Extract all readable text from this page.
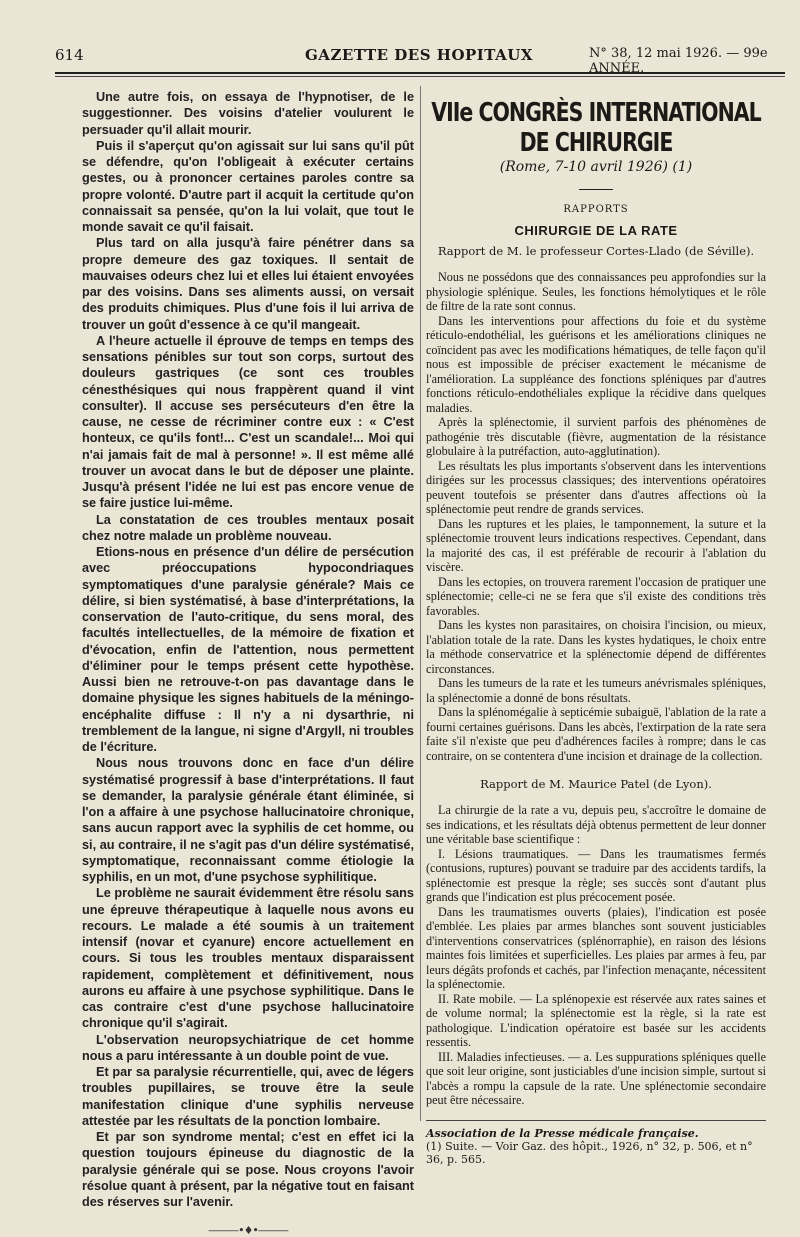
614	GAZETTE DES HOPITAUX	N° 38, 12 mai 1926. — 99e ANNÉE.

Une autre fois, on essaya de l'hypnotiser, de le suggestionner. Des voisins d'atelier voulurent le persuader qu'il allait mourir.

Puis il s'aperçut qu'on agissait sur lui sans qu'il pût se défendre, qu'on l'obligeait à exécuter certains gestes, ou à prononcer certaines paroles contre sa propre volonté. D'autre part il acquit la certitude qu'on connaissait sa pensée, qu'on la lui volait, que tout le monde savait ce qu'il faisait.

Plus tard on alla jusqu'à faire pénétrer dans sa propre demeure des gaz toxiques. Il sentait de mauvaises odeurs chez lui et elles lui étaient envoyées par des voisins. Dans ses aliments aussi, on versait des produits chimiques. Plus d'une fois il lui arriva de trouver un goût d'essence à ce qu'il mangeait.

A l'heure actuelle il éprouve de temps en temps des sensations pénibles sur tout son corps, surtout des douleurs gastriques (ce sont ces troubles cénesthésiques qui nous frappèrent quand il vint consulter). Il accuse ses persécuteurs d'en être la cause, ne cesse de récriminer contre eux : « C'est honteux, ce qu'ils font!... C'est un scandale!... Moi qui n'ai jamais fait de mal à personne! ». Il est même allé trouver un avocat dans le but de déposer une plainte. Jusqu'à présent l'idée ne lui est pas encore venue de se faire justice lui-même.

La constatation de ces troubles mentaux posait chez notre malade un problème nouveau.

Etions-nous en présence d'un délire de persécution avec préoccupations hypocondriaques symptomatiques d'une paralysie générale? Mais ce délire, si bien systématisé, à base d'interprétations, la conservation de l'auto-critique, du sens moral, des facultés intellectuelles, de la mémoire de fixation et d'évocation, enfin de l'attention, nous permettent d'éliminer pour le temps présent cette hypothèse. Aussi bien ne retrouve-t-on pas davantage dans le domaine physique les signes habituels de la méningo-encéphalite diffuse : Il n'y a ni dysarthrie, ni tremblement de la langue, ni signe d'Argyll, ni troubles de l'écriture.

Nous nous trouvons donc en face d'un délire systématisé progressif à base d'interprétations. Il faut se demander, la paralysie générale étant éliminée, si l'on a affaire à une psychose hallucinatoire chronique, sans aucun rapport avec la syphilis de cet homme, ou si, au contraire, il ne s'agit pas d'un délire systématisé, symptomatique, reconnaissant comme étiologie la syphilis, en un mot, d'une psychose syphilitique.

Le problème ne saurait évidemment être résolu sans une épreuve thérapeutique à laquelle nous avons eu recours. Le malade a été soumis à un traitement intensif (novar et cyanure) encore actuellement en cours. Si tous les troubles mentaux disparaissent rapidement, complètement et définitivement, nous aurons eu affaire à une psychose syphilitique. Dans le cas contraire c'est d'une psychose hallucinatoire chronique qu'il s'agirait.

L'observation neuropsychiatrique de cet homme nous a paru intéressante à un double point de vue.

Et par sa paralysie récurrentielle, qui, avec de légers troubles pupillaires, se trouve être la seule manifestation clinique d'une syphilis nerveuse attestée par les résultats de la ponction lombaire.

Et par son syndrome mental; c'est en effet ici la question toujours épineuse du diagnostic de la paralysie générale qui se pose. Nous croyons l'avoir résolue quant à présent, par la négative tout en faisant des réserves sur l'avenir.

———•♦•———
VIIe CONGRÈS INTERNATIONAL DE CHIRURGIE
(Rome, 7-10 avril 1926) (1)
RAPPORTS
CHIRURGIE DE LA RATE
Rapport de M. le professeur Cortes-Llado (de Séville).

Nous ne possédons que des connaissances peu approfondies sur la physiologie splénique. Seules, les fonctions hémolytiques et le rôle de filtre de la rate sont connus.

Dans les interventions pour affections du foie et du système réticulo-endothélial, les guérisons et les améliorations cliniques ne coïncident pas avec les modifications hématiques, de telle façon qu'il nous est impossible de préciser exactement le mécanisme de l'amélioration. La suppléance des fonctions spléniques par d'autres fonctions réticulo-endothéliales explique la récidive dans quelques maladies.

Après la splénectomie, il survient parfois des phénomènes de pathogénie très discutable (fièvre, augmentation de la résistance globulaire à la putréfaction, auto-agglutination).

Les résultats les plus importants s'observent dans les interventions dirigées sur les processus classiques; des interventions opératoires peuvent toutefois se présenter dans d'autres affections où la splénectomie peut rendre de grands services.

Dans les ruptures et les plaies, le tamponnement, la suture et la splénectomie trouvent leurs indications respectives. Cependant, dans la majorité des cas, il est préférable de recourir à l'ablation du viscère.

Dans les ectopies, on trouvera rarement l'occasion de pratiquer une splénectomie; celle-ci ne se fera que s'il existe des conditions très favorables.

Dans les kystes non parasitaires, on choisira l'incision, ou mieux, l'ablation totale de la rate. Dans les kystes hydatiques, le choix entre la méthode conservatrice et la splénectomie dépend de différentes circonstances.

Dans les tumeurs de la rate et les tumeurs anévrismales spléniques, la splénectomie a donné de bons résultats.

Dans la splénomégalie à septicémie subaiguë, l'ablation de la rate a fourni certaines guérisons. Dans les abcès, l'extirpation de la rate sera faite s'il n'existe que peu d'adhérences faciles à rompre; dans le cas contraire, on se contentera d'une incision et drainage de la collection.

Rapport de M. Maurice Patel (de Lyon).

La chirurgie de la rate a vu, depuis peu, s'accroître le domaine de ses indications, et les résultats déjà obtenus permettent de leur donner une véritable base scientifique :

I. Lésions traumatiques. — Dans les traumatismes fermés (contusions, ruptures) pouvant se traduire par des accidents tardifs, la splénectomie est presque la règle; ses succès sont d'autant plus grands que l'indication est plus précocement posée.

Dans les traumatismes ouverts (plaies), l'indication est posée d'emblée. Les plaies par armes blanches sont souvent justiciables d'interventions conservatrices (splénorraphie), en raison des lésions maintes fois limitées et superficielles. Les plaies par armes à feu, par leurs dégâts profonds et cachés, par l'infection menaçante, nécessitent la splénectomie.

II. Rate mobile. — La splénopexie est réservée aux rates saines et de volume normal; la splénectomie est la règle, si la rate est pathologique. L'indication opératoire est basée sur les accidents ressentis.

III. Maladies infectieuses. — a. Les suppurations spléniques quelle que soit leur origine, sont justiciables d'une incision simple, surtout si l'abcès a rompu la capsule de la rate. Une splénectomie secondaire peut être nécessaire.

Association de la Presse médicale française.
(1) Suite. — Voir Gaz. des hôpit., 1926, n° 32, p. 506, et n° 36, p. 565.
